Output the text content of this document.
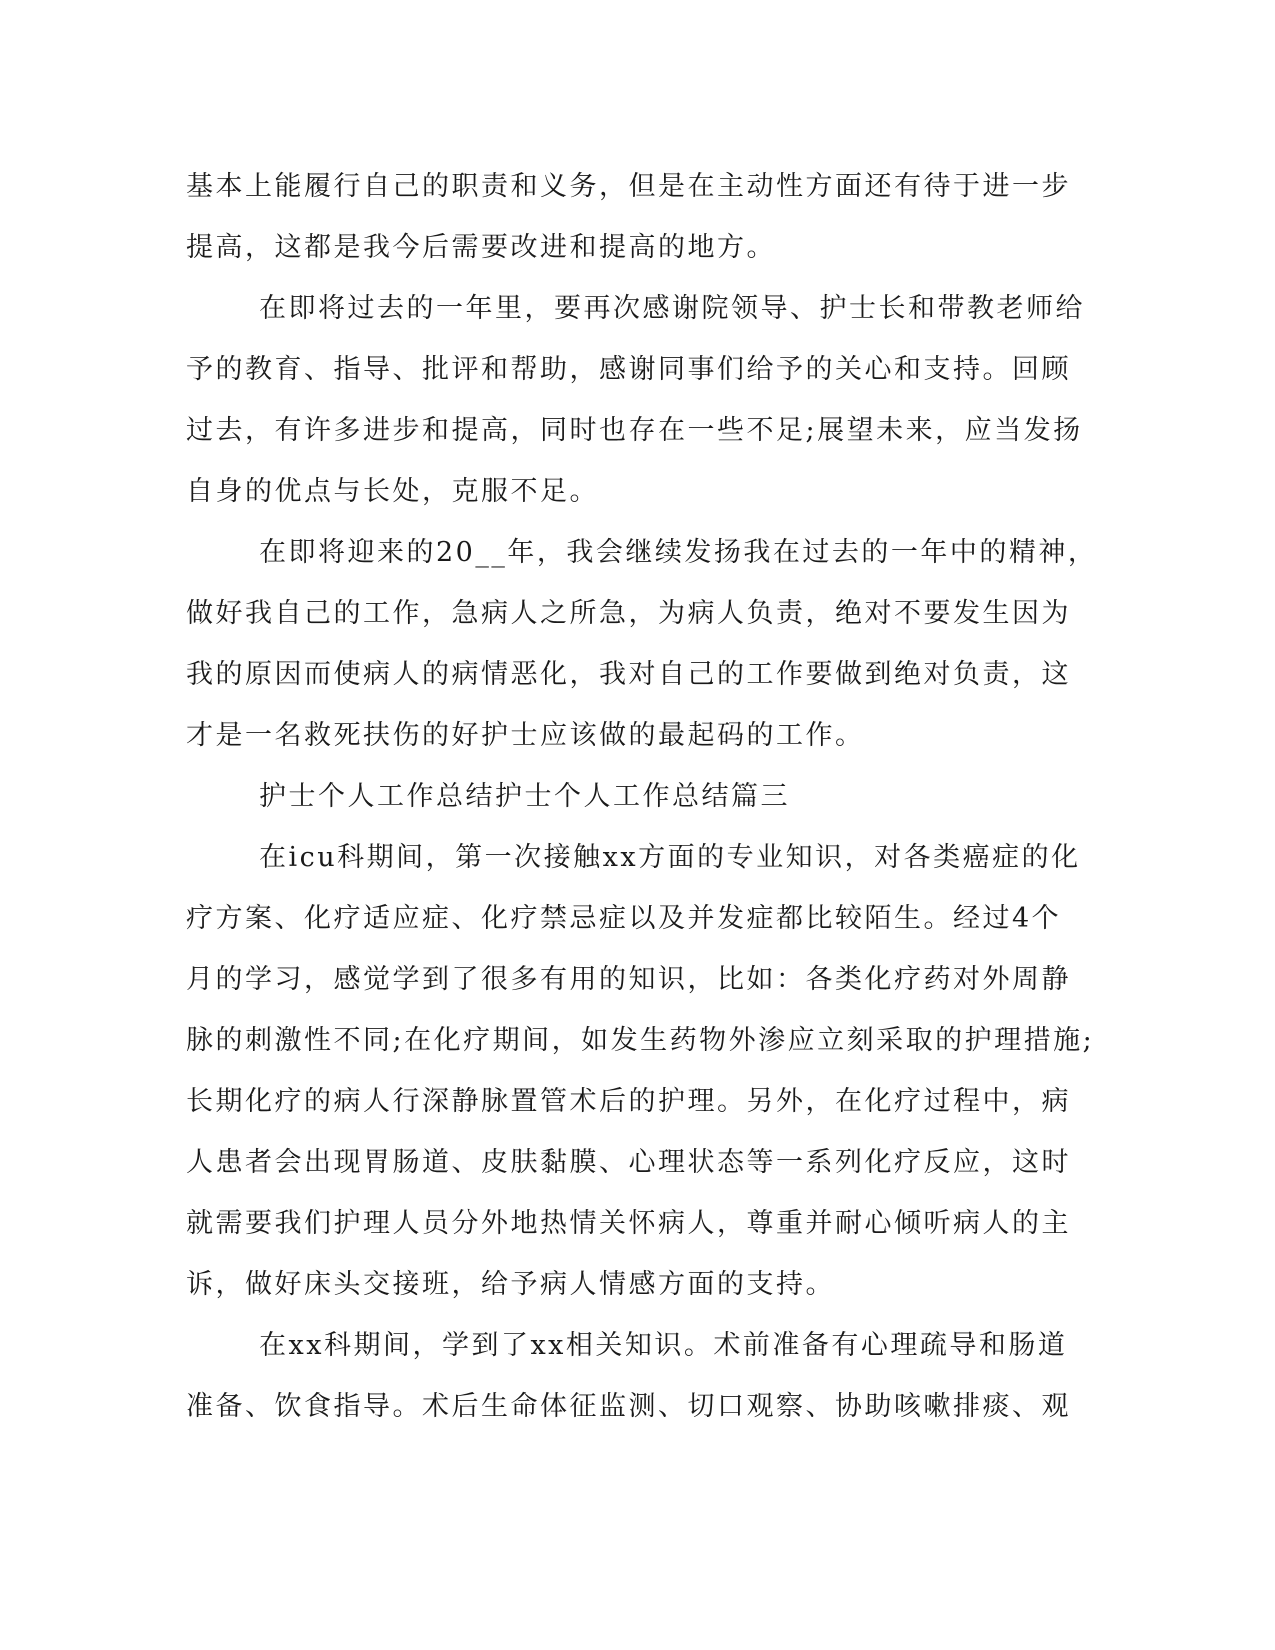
基本上能履行自己的职责和义务，但是在主动性方面还有待于进一步
提高，这都是我今后需要改进和提高的地方。
在即将过去的一年里，要再次感谢院领导、护士长和带教老师给
予的教育、指导、批评和帮助，感谢同事们给予的关心和支持。回顾
过去，有许多进步和提高，同时也存在一些不足;展望未来，应当发扬
自身的优点与长处，克服不足。
在即将迎来的20__年，我会继续发扬我在过去的一年中的精神，
做好我自己的工作，急病人之所急，为病人负责，绝对不要发生因为
我的原因而使病人的病情恶化，我对自己的工作要做到绝对负责，这
才是一名救死扶伤的好护士应该做的最起码的工作。
护士个人工作总结护士个人工作总结篇三
在icu科期间，第一次接触xx方面的专业知识，对各类癌症的化
疗方案、化疗适应症、化疗禁忌症以及并发症都比较陌生。经过4个
月的学习，感觉学到了很多有用的知识，比如：各类化疗药对外周静
脉的刺激性不同;在化疗期间，如发生药物外渗应立刻采取的护理措施;
长期化疗的病人行深静脉置管术后的护理。另外，在化疗过程中，病
人患者会出现胃肠道、皮肤黏膜、心理状态等一系列化疗反应，这时
就需要我们护理人员分外地热情关怀病人，尊重并耐心倾听病人的主
诉，做好床头交接班，给予病人情感方面的支持。
在xx科期间，学到了xx相关知识。术前准备有心理疏导和肠道
准备、饮食指导。术后生命体征监测、切口观察、协助咳嗽排痰、观
